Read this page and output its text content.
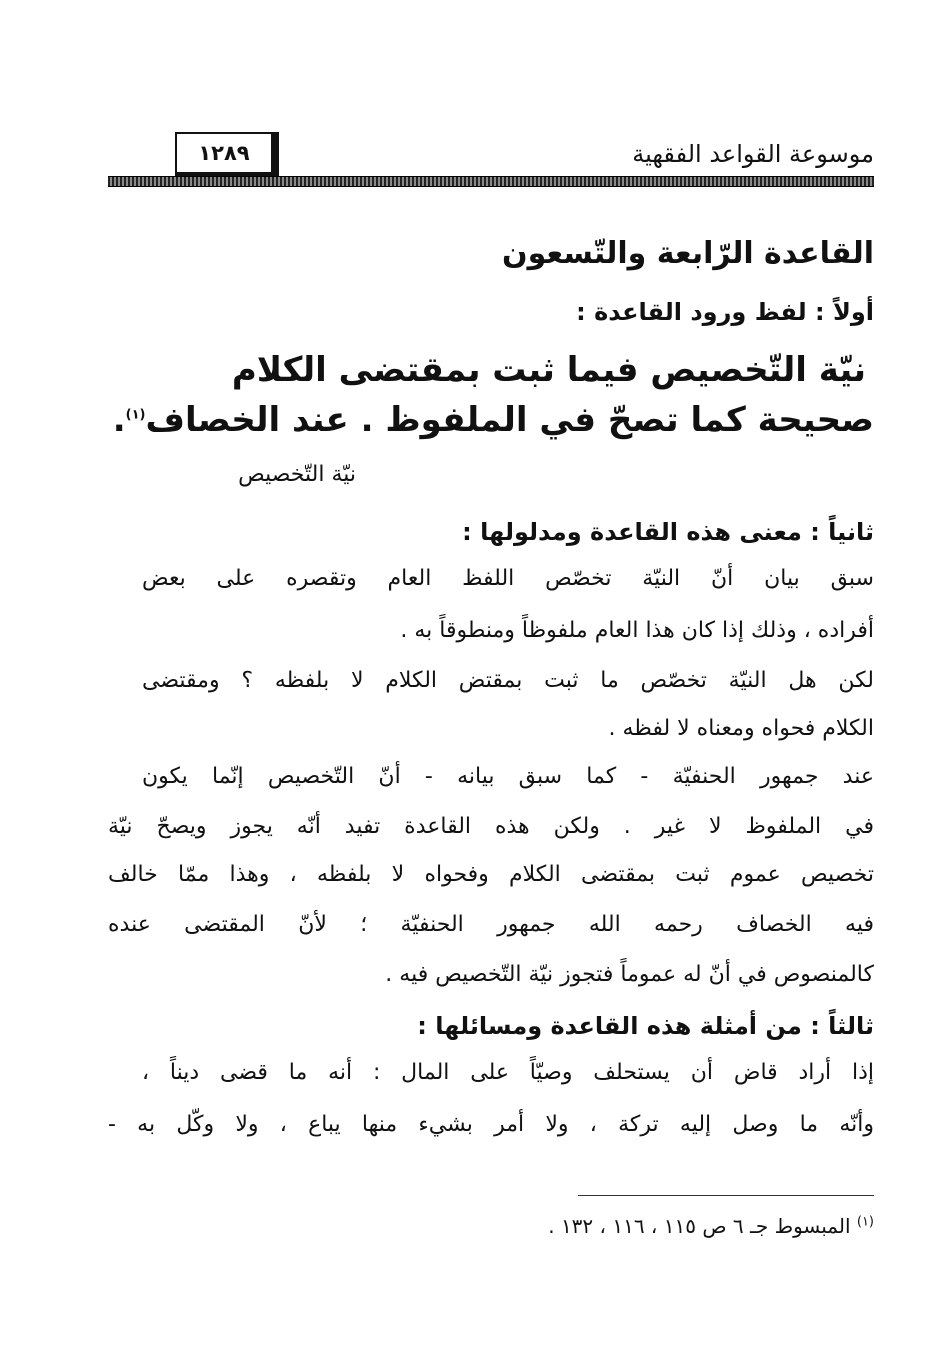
موسوعة القواعد الفقهية
١٢٨٩
القاعدة الرّابعة والتّسعون
أولاً : لفظ ورود القاعدة :
نيّة التّخصيص فيما ثبت بمقتضى الكلام
صحيحة كما تصحّ في الملفوظ . عند الخصاف$^{(١)}$.
نيّة التّخصيص
ثانياً : معنى هذه القاعدة ومدلولها :
سبق بيان أنّ النيّة تخصّص اللفظ العام وتقصره على بعض
أفراده ، وذلك إذا كان هذا العام ملفوظاً ومنطوقاً به .
لكن هل النيّة تخصّص ما ثبت بمقتض الكلام لا بلفظه ؟ ومقتضى
الكلام فحواه ومعناه لا لفظه .
عند جمهور الحنفيّة - كما سبق بيانه - أنّ التّخصيص إنّما يكون
في الملفوظ لا غير . ولكن هذه القاعدة تفيد أنّه يجوز ويصحّ نيّة
تخصيص عموم ثبت بمقتضى الكلام وفحواه لا بلفظه ، وهذا ممّا خالف
فيه الخصاف رحمه الله جمهور الحنفيّة ؛ لأنّ المقتضى عنده
كالمنصوص في أنّ له عموماً فتجوز نيّة التّخصيص فيه .
ثالثاً : من أمثلة هذه القاعدة ومسائلها :
إذا أراد قاض أن يستحلف وصيّاً على المال : أنه ما قضى ديناً ،
وأنّه ما وصل إليه تركة ، ولا أمر بشيء منها يباع ، ولا وكّل به -
$^{(١)}$ المبسوط جـ ٦ ص ١١٥ ، ١١٦ ، ١٣٢ .
